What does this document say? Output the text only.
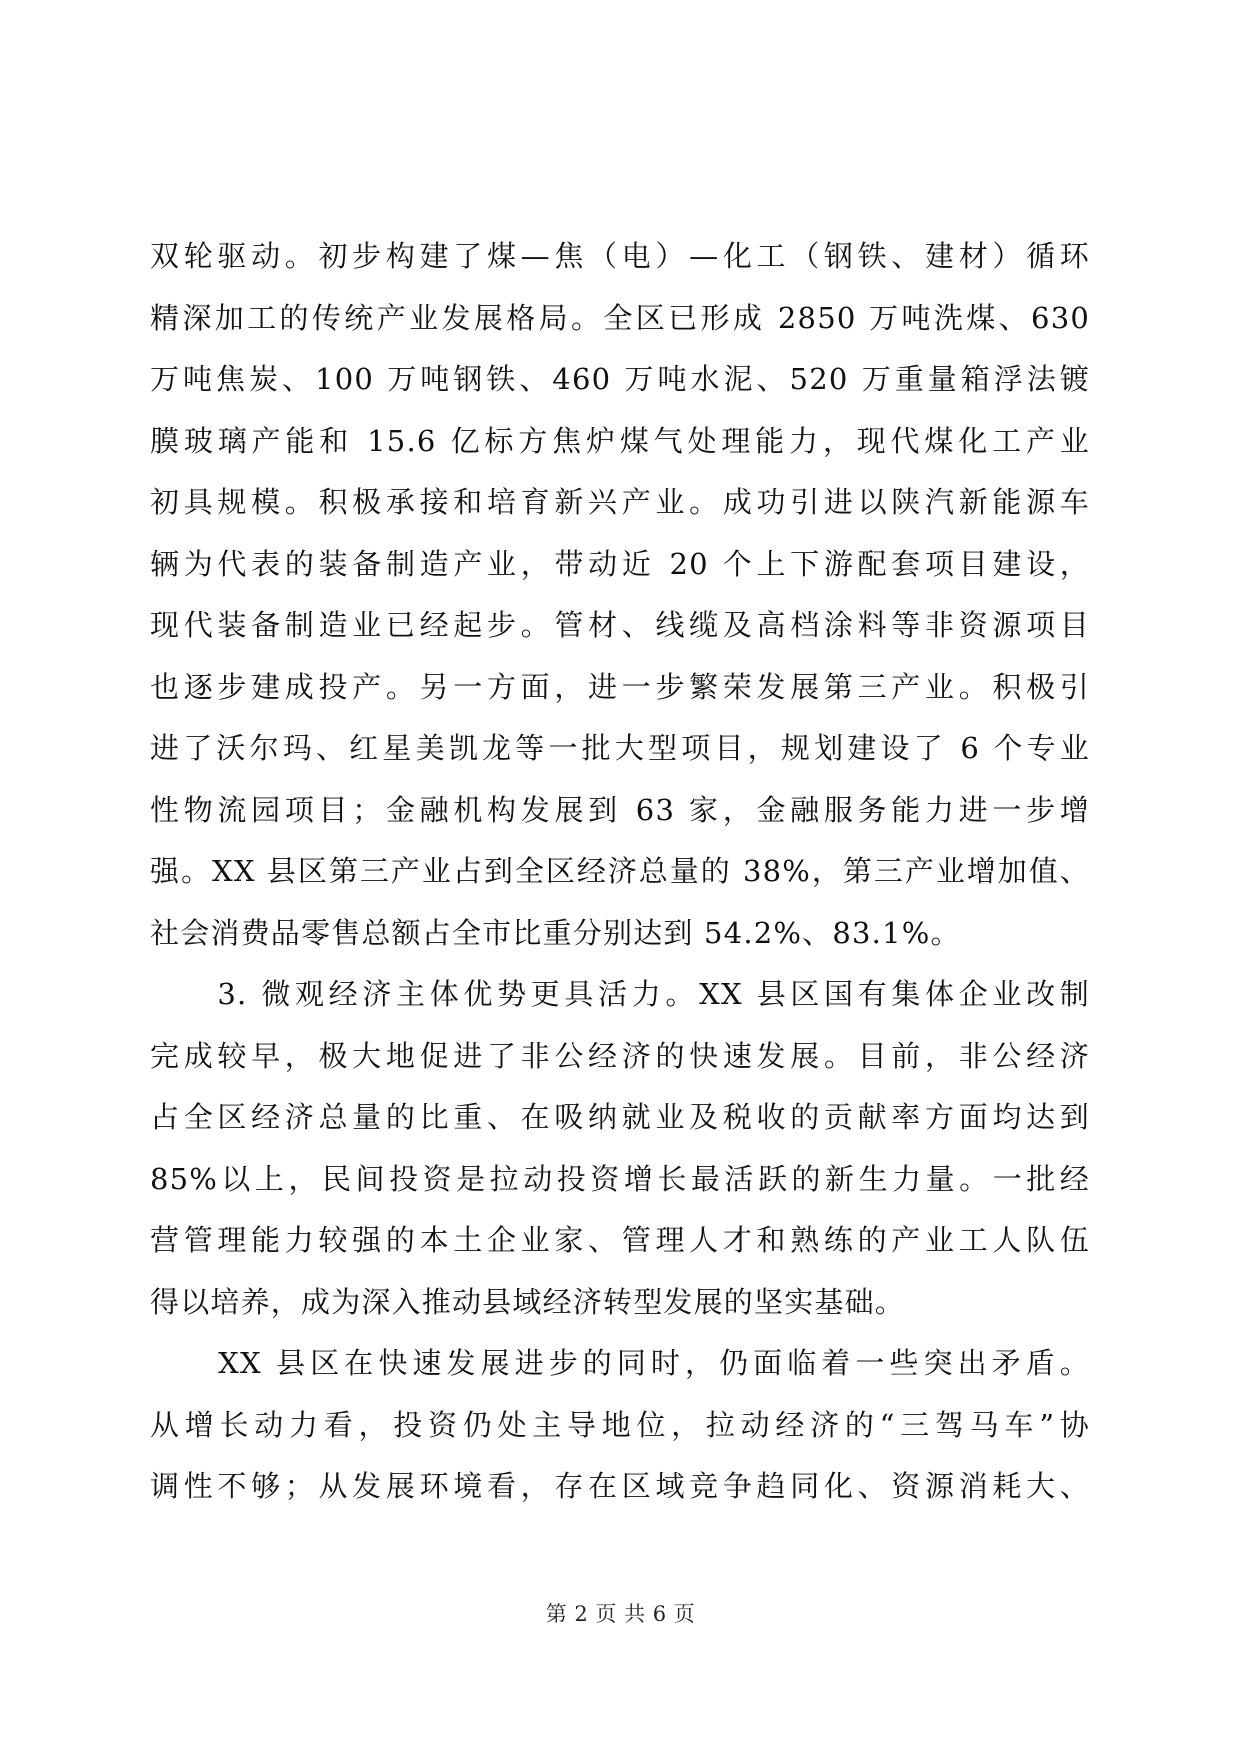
双轮驱动。初步构建了煤—焦（电）—化工（钢铁、建材）循环
精深加工的传统产业发展格局。全区已形成 2850 万吨洗煤、630
万吨焦炭、100 万吨钢铁、460 万吨水泥、520 万重量箱浮法镀
膜玻璃产能和 15.6 亿标方焦炉煤气处理能力，现代煤化工产业
初具规模。积极承接和培育新兴产业。成功引进以陕汽新能源车
辆为代表的装备制造产业，带动近 20 个上下游配套项目建设，
现代装备制造业已经起步。管材、线缆及高档涂料等非资源项目
也逐步建成投产。另一方面，进一步繁荣发展第三产业。积极引
进了沃尔玛、红星美凯龙等一批大型项目，规划建设了 6 个专业
性物流园项目；金融机构发展到 63 家，金融服务能力进一步增
强。XX 县区第三产业占到全区经济总量的 38%，第三产业增加值、
社会消费品零售总额占全市比重分别达到 54.2%、83.1%。
　　3. 微观经济主体优势更具活力。XX 县区国有集体企业改制
完成较早，极大地促进了非公经济的快速发展。目前，非公经济
占全区经济总量的比重、在吸纳就业及税收的贡献率方面均达到
85%以上，民间投资是拉动投资增长最活跃的新生力量。一批经
营管理能力较强的本土企业家、管理人才和熟练的产业工人队伍
得以培养，成为深入推动县域经济转型发展的坚实基础。
　　XX 县区在快速发展进步的同时，仍面临着一些突出矛盾。
从增长动力看，投资仍处主导地位，拉动经济的“三驾马车”协
调性不够；从发展环境看，存在区域竞争趋同化、资源消耗大、
第 2 页 共 6 页
